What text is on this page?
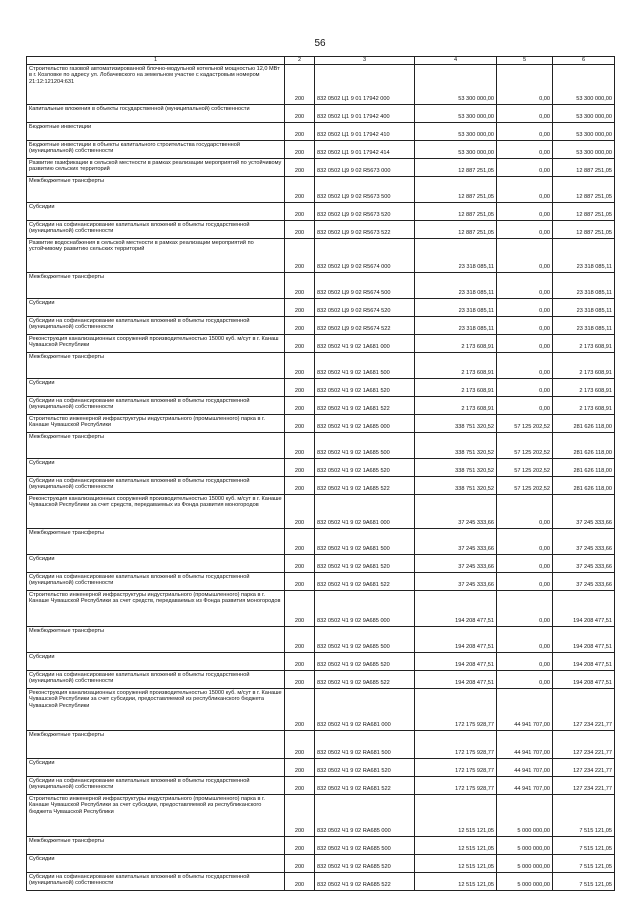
56
1	2	3	4	5	6
Строительство газовой автоматизированной блочно-модульной котельной мощностью 12,0 МВт в г. Козловке по адресу ул. Лобачевского на земельном участке с кадастровым номером 21:12:121204:631	200	832 0502 Ц1 9 01 17942 000	53 300 000,00	0,00	53 300 000,00
Капитальные вложения в объекты государственной (муниципальной) собственности	200	832 0502 Ц1 9 01 17942 400	53 300 000,00	0,00	53 300 000,00
Бюджетные инвестиции	200	832 0502 Ц1 9 01 17942 410	53 300 000,00	0,00	53 300 000,00
Бюджетные инвестиции в объекты капитального строительства государственной (муниципальной) собственности	200	832 0502 Ц1 9 01 17942 414	53 300 000,00	0,00	53 300 000,00
Развитие газификации в сельской местности в рамках реализации мероприятий по устойчивому развитию сельских территорий	200	832 0502 Ц9 9 02 R5673 000	12 887 251,05	0,00	12 887 251,05
Межбюджетные трансферты	200	832 0502 Ц9 9 02 R5673 500	12 887 251,05	0,00	12 887 251,05
Субсидии	200	832 0502 Ц9 9 02 R5673 520	12 887 251,05	0,00	12 887 251,05
Субсидии на софинансирование капитальных вложений в объекты государственной (муниципальной) собственности	200	832 0502 Ц9 9 02 R5673 522	12 887 251,05	0,00	12 887 251,05
Развитие водоснабжения в сельской местности в рамках реализации мероприятий по устойчивому развитию сельских территорий	200	832 0502 Ц9 9 02 R5674 000	23 318 085,11	0,00	23 318 085,11
Межбюджетные трансферты	200	832 0502 Ц9 9 02 R5674 500	23 318 085,11	0,00	23 318 085,11
Субсидии	200	832 0502 Ц9 9 02 R5674 520	23 318 085,11	0,00	23 318 085,11
Субсидии на софинансирование капитальных вложений в объекты государственной (муниципальной) собственности	200	832 0502 Ц9 9 02 R5674 522	23 318 085,11	0,00	23 318 085,11
Реконструкция канализационных сооружений производительностью 15000 куб. м/сут в г. Канаш Чувашской Республики	200	832 0502 Ч1 9 02 1А681 000	2 173 608,91	0,00	2 173 608,91
Межбюджетные трансферты	200	832 0502 Ч1 9 02 1А681 500	2 173 608,91	0,00	2 173 608,91
Субсидии	200	832 0502 Ч1 9 02 1А681 520	2 173 608,91	0,00	2 173 608,91
Субсидии на софинансирование капитальных вложений в объекты государственной (муниципальной) собственности	200	832 0502 Ч1 9 02 1А681 522	2 173 608,91	0,00	2 173 608,91
Строительство инженерной инфраструктуры индустриального (промышленного) парка в г. Канаше Чувашской Республики	200	832 0502 Ч1 9 02 1А685 000	338 751 320,52	57 125 202,52	281 626 118,00
Межбюджетные трансферты	200	832 0502 Ч1 9 02 1А685 500	338 751 320,52	57 125 202,52	281 626 118,00
Субсидии	200	832 0502 Ч1 9 02 1А685 520	338 751 320,52	57 125 202,52	281 626 118,00
Субсидии на софинансирование капитальных вложений в объекты государственной (муниципальной) собственности	200	832 0502 Ч1 9 02 1А685 522	338 751 320,52	57 125 202,52	281 626 118,00
Реконструкция канализационных сооружений производительностью 15000 куб. м/сут в г. Канаше Чувашской Республики за счет средств, передаваемых из Фонда развития моногородов	200	832 0502 Ч1 9 02 9А681 000	37 245 333,66	0,00	37 245 333,66
Межбюджетные трансферты	200	832 0502 Ч1 9 02 9А681 500	37 245 333,66	0,00	37 245 333,66
Субсидии	200	832 0502 Ч1 9 02 9А681 520	37 245 333,66	0,00	37 245 333,66
Субсидии на софинансирование капитальных вложений в объекты государственной (муниципальной) собственности	200	832 0502 Ч1 9 02 9А681 522	37 245 333,66	0,00	37 245 333,66
Строительство инженерной инфраструктуры индустриального (промышленного) парка в г. Канаше Чувашской Республики за счет средств, передаваемых из Фонда развития моногородов	200	832 0502 Ч1 9 02 9А685 000	194 208 477,51	0,00	194 208 477,51
Межбюджетные трансферты	200	832 0502 Ч1 9 02 9А685 500	194 208 477,51	0,00	194 208 477,51
Субсидии	200	832 0502 Ч1 9 02 9А685 520	194 208 477,51	0,00	194 208 477,51
Субсидии на софинансирование капитальных вложений в объекты государственной (муниципальной) собственности	200	832 0502 Ч1 9 02 9А685 522	194 208 477,51	0,00	194 208 477,51
Реконструкция канализационных сооружений производительностью 15000 куб. м/сут в г. Канаше Чувашской Республики за счет субсидии, предоставляемой из республиканского бюджета Чувашской Республики	200	832 0502 Ч1 9 02 RA681 000	172 175 928,77	44 941 707,00	127 234 221,77
Межбюджетные трансферты	200	832 0502 Ч1 9 02 RA681 500	172 175 928,77	44 941 707,00	127 234 221,77
Субсидии	200	832 0502 Ч1 9 02 RA681 520	172 175 928,77	44 941 707,00	127 234 221,77
Субсидии на софинансирование капитальных вложений в объекты государственной (муниципальной) собственности	200	832 0502 Ч1 9 02 RA681 522	172 175 928,77	44 941 707,00	127 234 221,77
Строительство инженерной инфраструктуры индустриального (промышленного) парка в г. Канаше Чувашской Республики за счет субсидии, предоставляемой из республиканского бюджета Чувашской Республики	200	832 0502 Ч1 9 02 RA685 000	12 515 121,05	5 000 000,00	7 515 121,05
Межбюджетные трансферты	200	832 0502 Ч1 9 02 RA685 500	12 515 121,05	5 000 000,00	7 515 121,05
Субсидии	200	832 0502 Ч1 9 02 RA685 520	12 515 121,05	5 000 000,00	7 515 121,05
Субсидии на софинансирование капитальных вложений в объекты государственной (муниципальной) собственности	200	832 0502 Ч1 9 02 RA685 522	12 515 121,05	5 000 000,00	7 515 121,05
